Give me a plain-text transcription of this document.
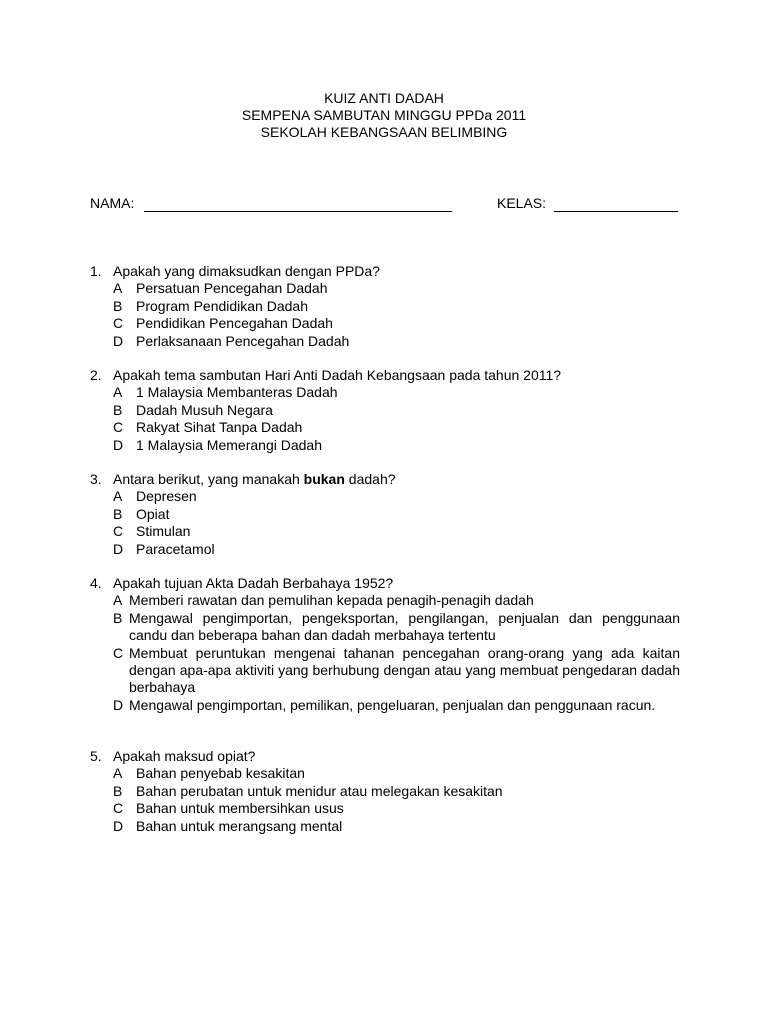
KUIZ ANTI DADAH
SEMPENA SAMBUTAN MINGGU PPDa 2011
SEKOLAH KEBANGSAAN BELIMBING
NAMA:	KELAS:
1. Apakah yang dimaksudkan dengan PPDa?
A Persatuan Pencegahan Dadah
B Program Pendidikan Dadah
C Pendidikan Pencegahan Dadah
D Perlaksanaan Pencegahan Dadah
2. Apakah tema sambutan Hari Anti Dadah Kebangsaan pada tahun 2011?
A 1 Malaysia Membanteras Dadah
B Dadah Musuh Negara
C Rakyat Sihat Tanpa Dadah
D 1 Malaysia Memerangi Dadah
3. Antara berikut, yang manakah bukan dadah?
A Depresen
B Opiat
C Stimulan
D Paracetamol
4. Apakah tujuan Akta Dadah Berbahaya 1952?
A Memberi rawatan dan pemulihan kepada penagih-penagih dadah
B Mengawal pengimportan, pengeksportan, pengilangan, penjualan dan penggunaan candu dan beberapa bahan dan dadah merbahaya tertentu
C Membuat peruntukan mengenai tahanan pencegahan orang-orang yang ada kaitan dengan apa-apa aktiviti yang berhubung dengan atau yang membuat pengedaran dadah berbahaya
D Mengawal pengimportan, pemilikan, pengeluaran, penjualan dan penggunaan racun.
5. Apakah maksud opiat?
A Bahan penyebab kesakitan
B Bahan perubatan untuk menidur atau melegakan kesakitan
C Bahan untuk membersihkan usus
D Bahan untuk merangsang mental
